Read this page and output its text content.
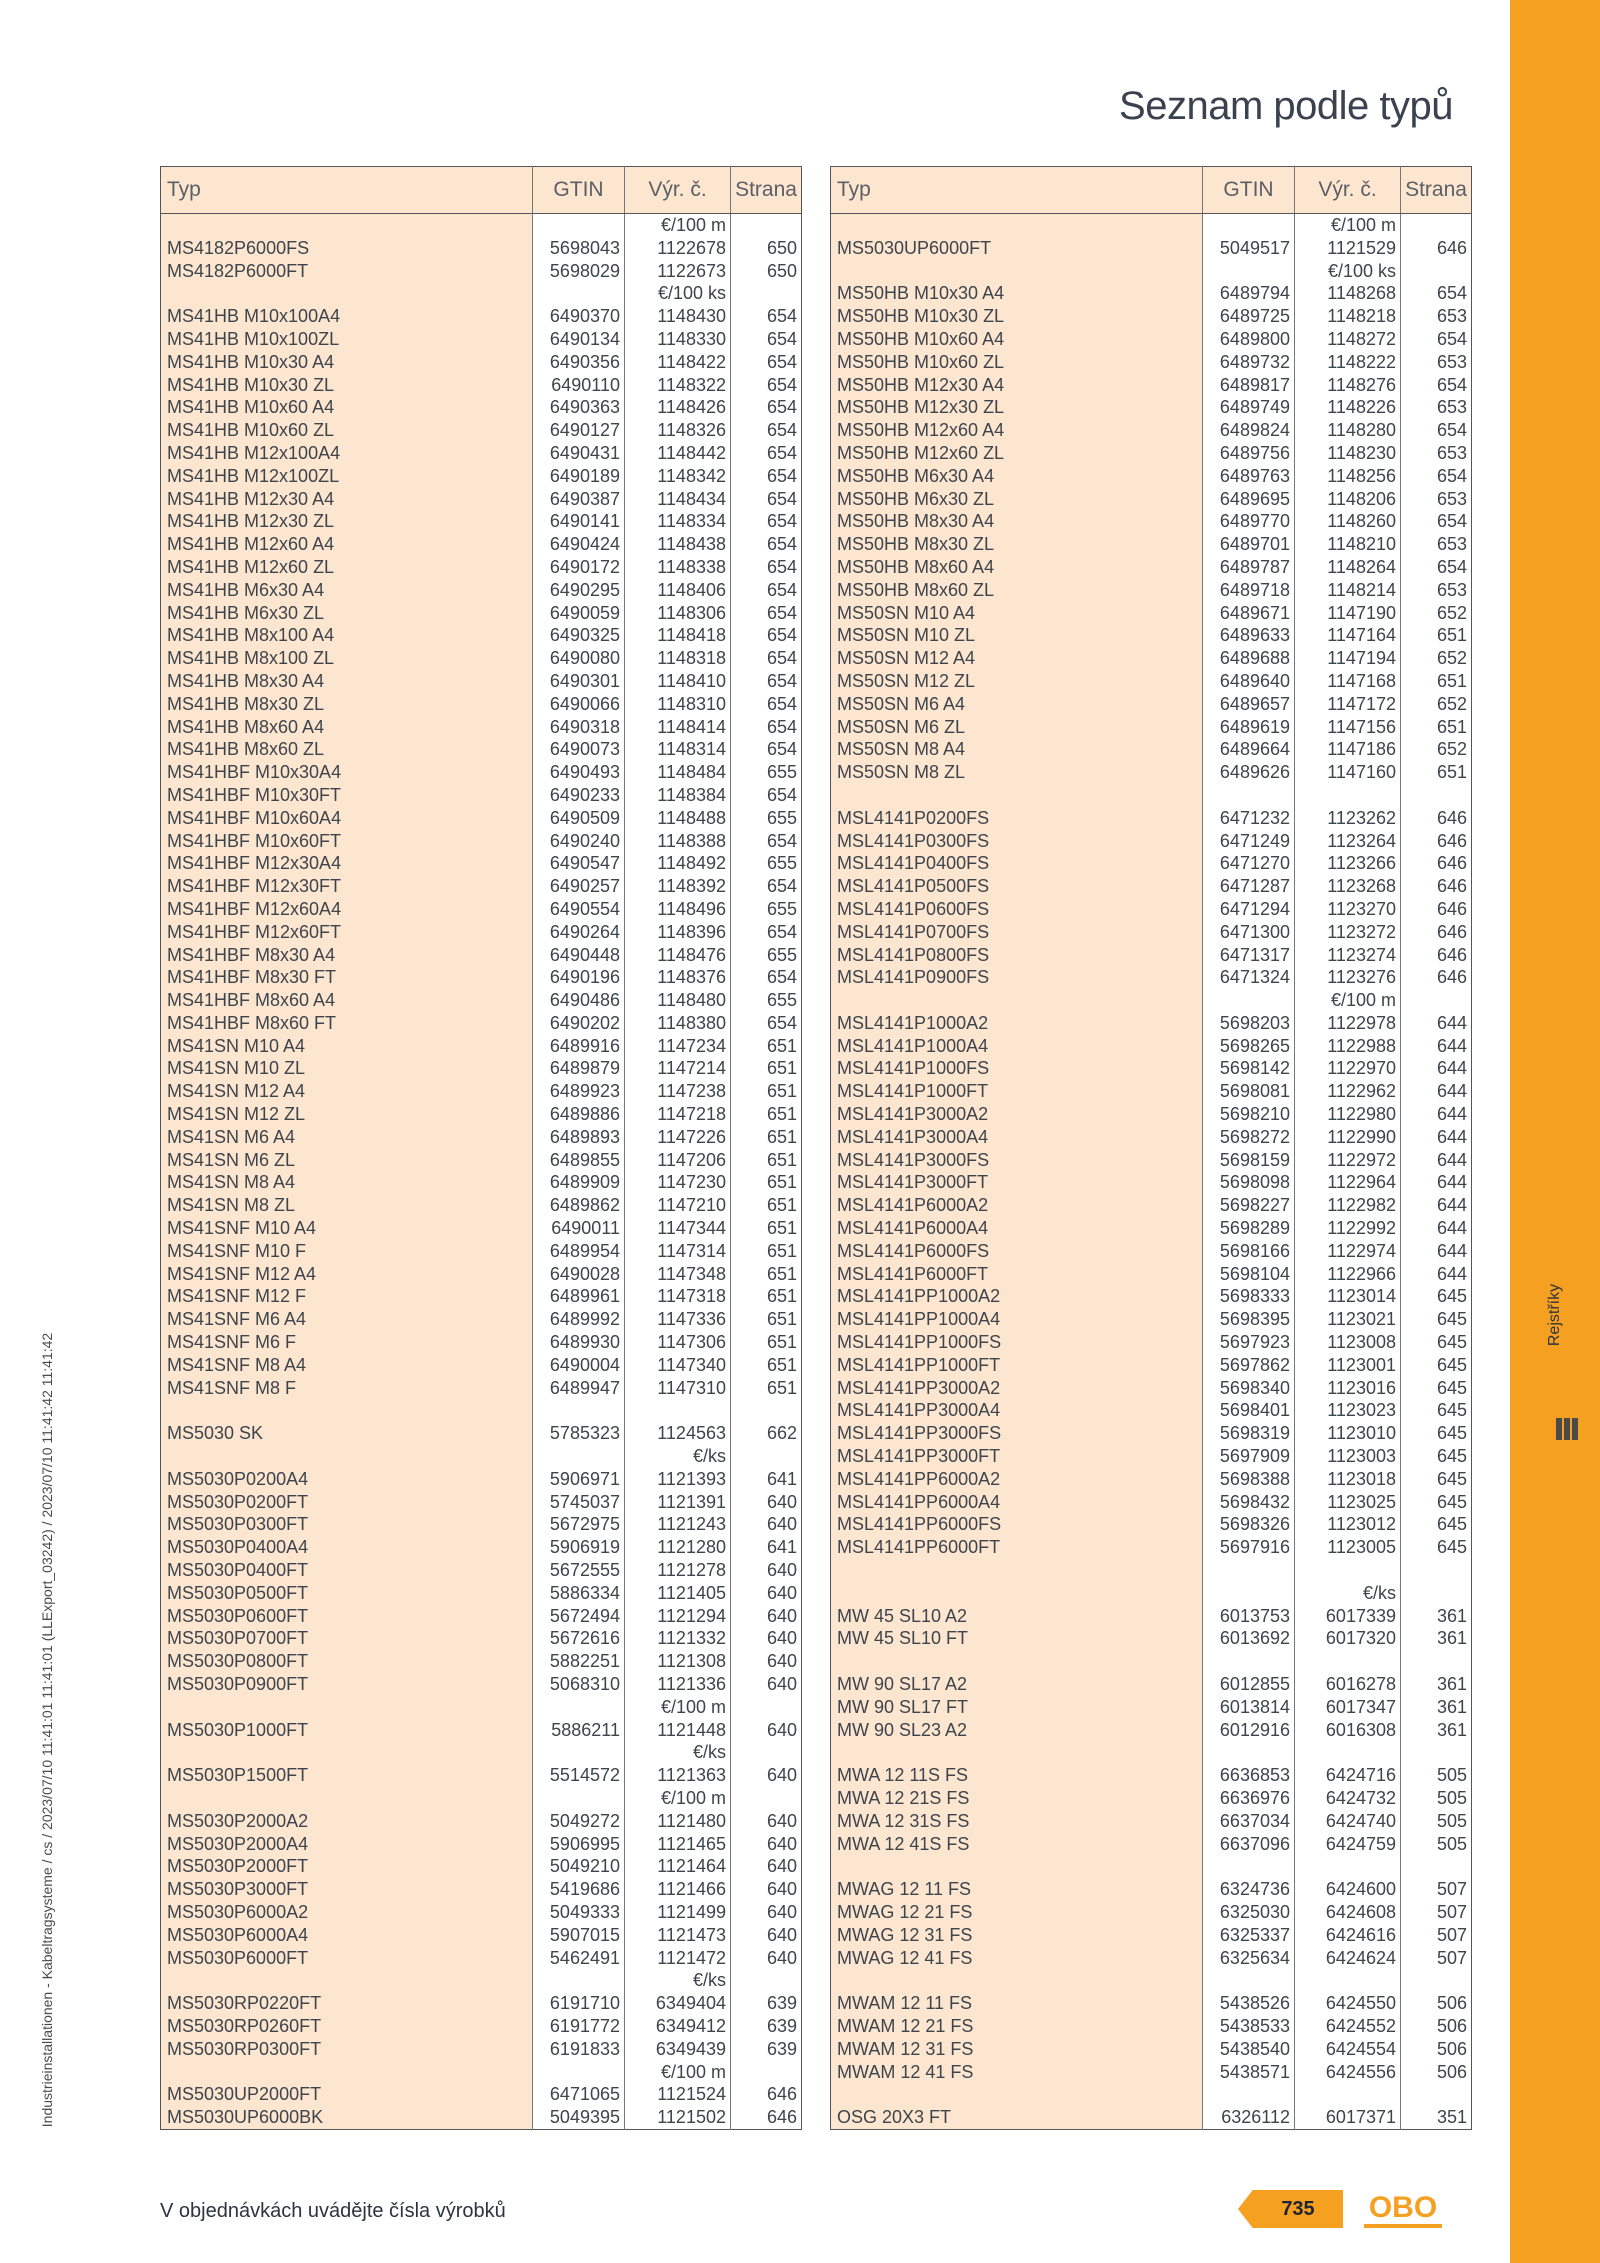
Rejstříky
Seznam podle typů
Industrieinstallationen - Kabeltragsysteme / cs / 2023/07/10 11:41:01 11:41:01 (LLExport_03242) / 2023/07/10 11:41:42 11:41:42
Typ	GTIN	Výr. č.	Strana
		€/100 m	
MS4182P6000FS	5698043	1122678	650
MS4182P6000FT	5698029	1122673	650
		€/100 ks	
MS41HB M10x100A4	6490370	1148430	654
MS41HB M10x100ZL	6490134	1148330	654
MS41HB M10x30 A4	6490356	1148422	654
MS41HB M10x30 ZL	6490110	1148322	654
MS41HB M10x60 A4	6490363	1148426	654
MS41HB M10x60 ZL	6490127	1148326	654
MS41HB M12x100A4	6490431	1148442	654
MS41HB M12x100ZL	6490189	1148342	654
MS41HB M12x30 A4	6490387	1148434	654
MS41HB M12x30 ZL	6490141	1148334	654
MS41HB M12x60 A4	6490424	1148438	654
MS41HB M12x60 ZL	6490172	1148338	654
MS41HB M6x30 A4	6490295	1148406	654
MS41HB M6x30 ZL	6490059	1148306	654
MS41HB M8x100 A4	6490325	1148418	654
MS41HB M8x100 ZL	6490080	1148318	654
MS41HB M8x30 A4	6490301	1148410	654
MS41HB M8x30 ZL	6490066	1148310	654
MS41HB M8x60 A4	6490318	1148414	654
MS41HB M8x60 ZL	6490073	1148314	654
MS41HBF M10x30A4	6490493	1148484	655
MS41HBF M10x30FT	6490233	1148384	654
MS41HBF M10x60A4	6490509	1148488	655
MS41HBF M10x60FT	6490240	1148388	654
MS41HBF M12x30A4	6490547	1148492	655
MS41HBF M12x30FT	6490257	1148392	654
MS41HBF M12x60A4	6490554	1148496	655
MS41HBF M12x60FT	6490264	1148396	654
MS41HBF M8x30 A4	6490448	1148476	655
MS41HBF M8x30 FT	6490196	1148376	654
MS41HBF M8x60 A4	6490486	1148480	655
MS41HBF M8x60 FT	6490202	1148380	654
MS41SN M10 A4	6489916	1147234	651
MS41SN M10 ZL	6489879	1147214	651
MS41SN M12 A4	6489923	1147238	651
MS41SN M12 ZL	6489886	1147218	651
MS41SN M6 A4	6489893	1147226	651
MS41SN M6 ZL	6489855	1147206	651
MS41SN M8 A4	6489909	1147230	651
MS41SN M8 ZL	6489862	1147210	651
MS41SNF M10 A4	6490011	1147344	651
MS41SNF M10 F	6489954	1147314	651
MS41SNF M12 A4	6490028	1147348	651
MS41SNF M12 F	6489961	1147318	651
MS41SNF M6 A4	6489992	1147336	651
MS41SNF M6 F	6489930	1147306	651
MS41SNF M8 A4	6490004	1147340	651
MS41SNF M8 F	6489947	1147310	651

MS5030 SK	5785323	1124563	662
		€/ks	
MS5030P0200A4	5906971	1121393	641
MS5030P0200FT	5745037	1121391	640
MS5030P0300FT	5672975	1121243	640
MS5030P0400A4	5906919	1121280	641
MS5030P0400FT	5672555	1121278	640
MS5030P0500FT	5886334	1121405	640
MS5030P0600FT	5672494	1121294	640
MS5030P0700FT	5672616	1121332	640
MS5030P0800FT	5882251	1121308	640
MS5030P0900FT	5068310	1121336	640
		€/100 m	
MS5030P1000FT	5886211	1121448	640
		€/ks	
MS5030P1500FT	5514572	1121363	640
		€/100 m	
MS5030P2000A2	5049272	1121480	640
MS5030P2000A4	5906995	1121465	640
MS5030P2000FT	5049210	1121464	640
MS5030P3000FT	5419686	1121466	640
MS5030P6000A2	5049333	1121499	640
MS5030P6000A4	5907015	1121473	640
MS5030P6000FT	5462491	1121472	640
		€/ks	
MS5030RP0220FT	6191710	6349404	639
MS5030RP0260FT	6191772	6349412	639
MS5030RP0300FT	6191833	6349439	639
		€/100 m	
MS5030UP2000FT	6471065	1121524	646
MS5030UP6000BK	5049395	1121502	646
Typ	GTIN	Výr. č.	Strana
		€/100 m	
MS5030UP6000FT	5049517	1121529	646
		€/100 ks	
MS50HB M10x30 A4	6489794	1148268	654
MS50HB M10x30 ZL	6489725	1148218	653
MS50HB M10x60 A4	6489800	1148272	654
MS50HB M10x60 ZL	6489732	1148222	653
MS50HB M12x30 A4	6489817	1148276	654
MS50HB M12x30 ZL	6489749	1148226	653
MS50HB M12x60 A4	6489824	1148280	654
MS50HB M12x60 ZL	6489756	1148230	653
MS50HB M6x30 A4	6489763	1148256	654
MS50HB M6x30 ZL	6489695	1148206	653
MS50HB M8x30 A4	6489770	1148260	654
MS50HB M8x30 ZL	6489701	1148210	653
MS50HB M8x60 A4	6489787	1148264	654
MS50HB M8x60 ZL	6489718	1148214	653
MS50SN M10 A4	6489671	1147190	652
MS50SN M10 ZL	6489633	1147164	651
MS50SN M12 A4	6489688	1147194	652
MS50SN M12 ZL	6489640	1147168	651
MS50SN M6 A4	6489657	1147172	652
MS50SN M6 ZL	6489619	1147156	651
MS50SN M8 A4	6489664	1147186	652
MS50SN M8 ZL	6489626	1147160	651

MSL4141P0200FS	6471232	1123262	646
MSL4141P0300FS	6471249	1123264	646
MSL4141P0400FS	6471270	1123266	646
MSL4141P0500FS	6471287	1123268	646
MSL4141P0600FS	6471294	1123270	646
MSL4141P0700FS	6471300	1123272	646
MSL4141P0800FS	6471317	1123274	646
MSL4141P0900FS	6471324	1123276	646
		€/100 m	
MSL4141P1000A2	5698203	1122978	644
MSL4141P1000A4	5698265	1122988	644
MSL4141P1000FS	5698142	1122970	644
MSL4141P1000FT	5698081	1122962	644
MSL4141P3000A2	5698210	1122980	644
MSL4141P3000A4	5698272	1122990	644
MSL4141P3000FS	5698159	1122972	644
MSL4141P3000FT	5698098	1122964	644
MSL4141P6000A2	5698227	1122982	644
MSL4141P6000A4	5698289	1122992	644
MSL4141P6000FS	5698166	1122974	644
MSL4141P6000FT	5698104	1122966	644
MSL4141PP1000A2	5698333	1123014	645
MSL4141PP1000A4	5698395	1123021	645
MSL4141PP1000FS	5697923	1123008	645
MSL4141PP1000FT	5697862	1123001	645
MSL4141PP3000A2	5698340	1123016	645
MSL4141PP3000A4	5698401	1123023	645
MSL4141PP3000FS	5698319	1123010	645
MSL4141PP3000FT	5697909	1123003	645
MSL4141PP6000A2	5698388	1123018	645
MSL4141PP6000A4	5698432	1123025	645
MSL4141PP6000FS	5698326	1123012	645
MSL4141PP6000FT	5697916	1123005	645

		€/ks	
MW 45 SL10 A2	6013753	6017339	361
MW 45 SL10 FT	6013692	6017320	361

MW 90 SL17 A2	6012855	6016278	361
MW 90 SL17 FT	6013814	6017347	361
MW 90 SL23 A2	6012916	6016308	361

MWA 12 11S FS	6636853	6424716	505
MWA 12 21S FS	6636976	6424732	505
MWA 12 31S FS	6637034	6424740	505
MWA 12 41S FS	6637096	6424759	505

MWAG 12 11 FS	6324736	6424600	507
MWAG 12 21 FS	6325030	6424608	507
MWAG 12 31 FS	6325337	6424616	507
MWAG 12 41 FS	6325634	6424624	507

MWAM 12 11 FS	5438526	6424550	506
MWAM 12 21 FS	5438533	6424552	506
MWAM 12 31 FS	5438540	6424554	506
MWAM 12 41 FS	5438571	6424556	506

OSG 20X3 FT	6326112	6017371	351
V objednávkách uvádějte čísla výrobků	735	OBO
